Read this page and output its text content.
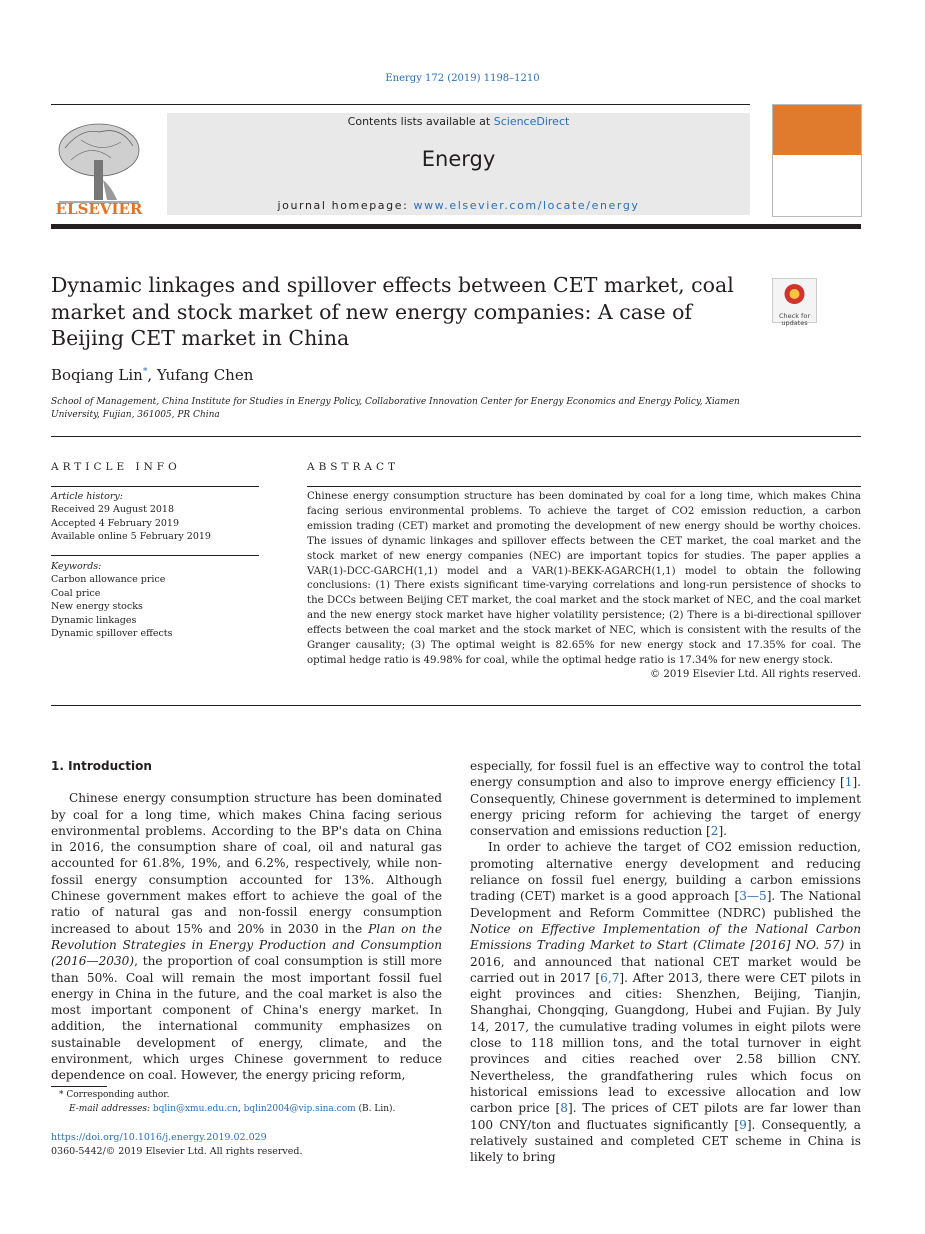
Energy 172 (2019) 1198–1210
ELSEVIER
Contents lists available at ScienceDirect
Energy
journal homepage: www.elsevier.com/locate/energy
Dynamic linkages and spillover effects between CET market, coal market and stock market of new energy companies: A case of Beijing CET market in China
Check for updates
Boqiang Lin*, Yufang Chen
School of Management, China Institute for Studies in Energy Policy, Collaborative Innovation Center for Energy Economics and Energy Policy, Xiamen University, Fujian, 361005, PR China
ARTICLE INFO	ABSTRACT
Article history:
Received 29 August 2018
Accepted 4 February 2019
Available online 5 February 2019
Keywords:
Carbon allowance price
Coal price
New energy stocks
Dynamic linkages
Dynamic spillover effects
Chinese energy consumption structure has been dominated by coal for a long time, which makes China facing serious environmental problems. To achieve the target of CO2 emission reduction, a carbon emission trading (CET) market and promoting the development of new energy should be worthy choices. The issues of dynamic linkages and spillover effects between the CET market, the coal market and the stock market of new energy companies (NEC) are important topics for studies. The paper applies a VAR(1)-DCC-GARCH(1,1) model and a VAR(1)-BEKK-AGARCH(1,1) model to obtain the following conclusions: (1) There exists significant time-varying correlations and long-run persistence of shocks to the DCCs between Beijing CET market, the coal market and the stock market of NEC, and the coal market and the new energy stock market have higher volatility persistence; (2) There is a bi-directional spillover effects between the coal market and the stock market of NEC, which is consistent with the results of the Granger causality; (3) The optimal weight is 82.65% for new energy stock and 17.35% for coal. The optimal hedge ratio is 49.98% for coal, while the optimal hedge ratio is 17.34% for new energy stock.
© 2019 Elsevier Ltd. All rights reserved.
1. Introduction

Chinese energy consumption structure has been dominated by coal for a long time, which makes China facing serious environmental problems. According to the BP's data on China in 2016, the consumption share of coal, oil and natural gas accounted for 61.8%, 19%, and 6.2%, respectively, while non-fossil energy consumption accounted for 13%. Although Chinese government makes effort to achieve the goal of the ratio of natural gas and non-fossil energy consumption increased to about 15% and 20% in 2030 in the Plan on the Revolution Strategies in Energy Production and Consumption (2016—2030), the proportion of coal consumption is still more than 50%. Coal will remain the most important fossil fuel energy in China in the future, and the coal market is also the most important component of China's energy market. In addition, the international community emphasizes on sustainable development of energy, climate, and the environment, which urges Chinese government to reduce dependence on coal. However, the energy pricing reform,

especially, for fossil fuel is an effective way to control the total energy consumption and also to improve energy efficiency [1]. Consequently, Chinese government is determined to implement energy pricing reform for achieving the target of energy conservation and emissions reduction [2].

In order to achieve the target of CO2 emission reduction, promoting alternative energy development and reducing reliance on fossil fuel energy, building a carbon emissions trading (CET) market is a good approach [3—5]. The National Development and Reform Committee (NDRC) published the Notice on Effective Implementation of the National Carbon Emissions Trading Market to Start (Climate [2016] NO. 57) in 2016, and announced that national CET market would be carried out in 2017 [6,7]. After 2013, there were CET pilots in eight provinces and cities: Shenzhen, Beijing, Tianjin, Shanghai, Chongqing, Guangdong, Hubei and Fujian. By July 14, 2017, the cumulative trading volumes in eight pilots were close to 118 million tons, and the total turnover in eight provinces and cities reached over 2.58 billion CNY. Nevertheless, the grandfathering rules which focus on historical emissions lead to excessive allocation and low carbon price [8]. The prices of CET pilots are far lower than 100 CNY/ton and fluctuates significantly [9]. Consequently, a relatively sustained and completed CET scheme in China is likely to bring

* Corresponding author.
E-mail addresses: bqlin@xmu.edu.cn, bqlin2004@vip.sina.com (B. Lin).
https://doi.org/10.1016/j.energy.2019.02.029
0360-5442/© 2019 Elsevier Ltd. All rights reserved.
